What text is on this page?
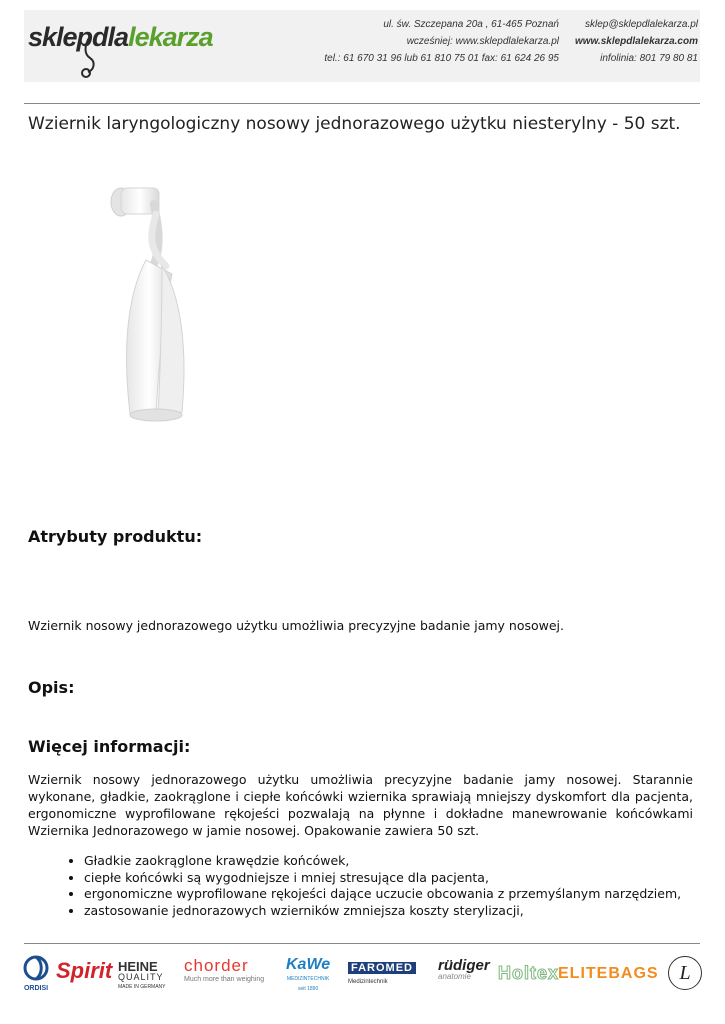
sklepdlalekarza	ul. św. Szczepana 20a , 61-465 Poznań
wcześniej: www.sklepdlalekarza.pl
tel.: 61 670 31 96 lub 61 810 75 01 fax: 61 624 26 95
sklep@sklepdlalekarza.pl
www.sklepdlalekarza.com
infolinia: 801 79 80 81
Wziernik laryngologiczny nosowy jednorazowego użytku niesterylny - 50 szt.
Atrybuty produktu:

Wziernik nosowy jednorazowego użytku umożliwia precyzyjne badanie jamy nosowej.

Opis:
Więcej informacji:

Wziernik nosowy jednorazowego użytku umożliwia precyzyjne badanie jamy nosowej. Starannie wykonane, gładkie, zaokrąglone i ciepłe końcówki wziernika sprawiają mniejszy dyskomfort dla pacjenta, ergonomiczne wyprofilowane rękojeści pozwalają na płynne i dokładne manewrowanie końcówkami Wziernika Jednorazowego w jamie nosowej. Opakowanie zawiera 50 szt.

• Gładkie zaokrąglone krawędzie końcówek,
• ciepłe końcówki są wygodniejsze i mniej stresujące dla pacjenta,
• ergonomiczne wyprofilowane rękojeści dające uczucie obcowania z przemyślanym narzędziem,
• zastosowanie jednorazowych wzierników zmniejsza koszty sterylizacji,
ORDISI
Spirit HEINE
QUALITY
MADE IN GERMANY
chorder
Much more than weighing
KaWe
MEDIZINTECHNIK
seit 1890
FAROMED
Medizintechnik
rüdiger
anatomie	Holtex
ELITEBAGS	L
